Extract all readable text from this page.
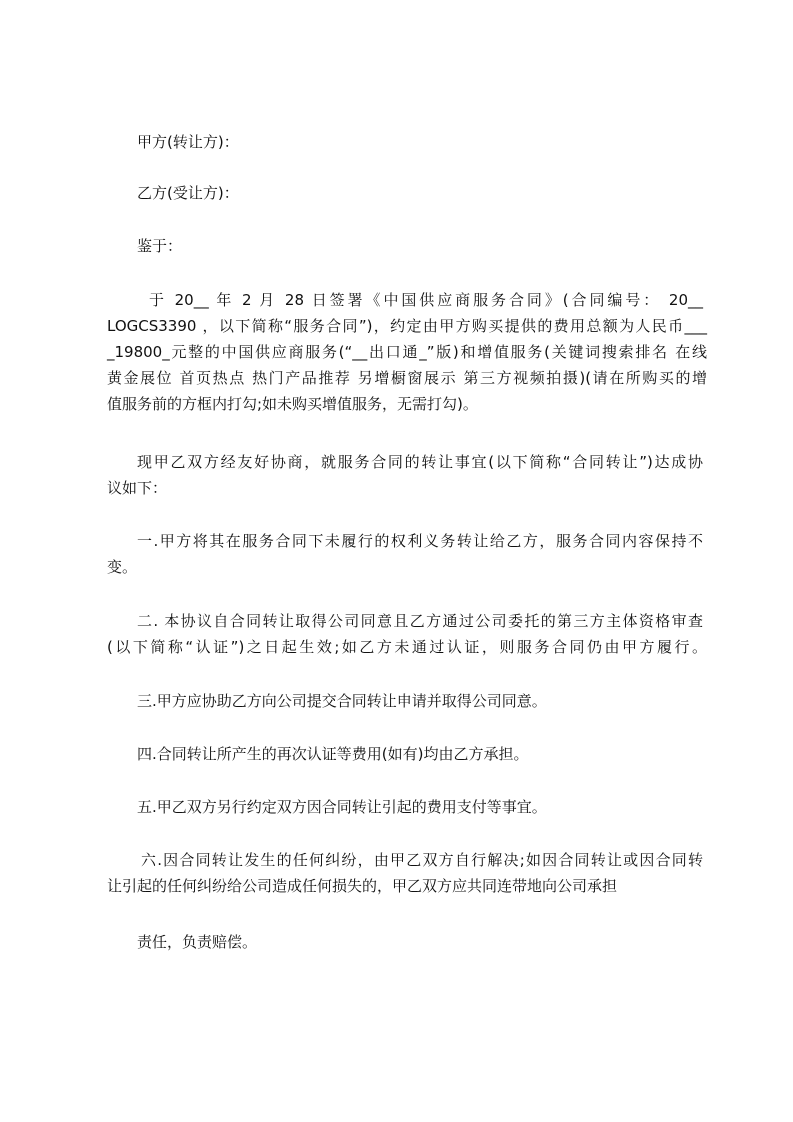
甲方(转让方)：
乙方(受让方)：
鉴于：
于 20__ 年 2 月 28 日签署《中国供应商服务合同》(合同编号： 20__
LOGCS3390 ，以下简称“服务合同”)，约定由甲方购买提供的费用总额为人民币___
_19800_元整的中国供应商服务(“__出口通_”版)和增值服务(关键词搜索排名 在线
黄金展位 首页热点 热门产品推荐 另增橱窗展示 第三方视频拍摄)(请在所购买的增
值服务前的方框内打勾;如未购买增值服务，无需打勾)。
现甲乙双方经友好协商，就服务合同的转让事宜(以下简称“合同转让”)达成协
议如下：
一.甲方将其在服务合同下未履行的权利义务转让给乙方，服务合同内容保持不
变。
二. 本协议自合同转让取得公司同意且乙方通过公司委托的第三方主体资格审查
(以下简称“认证”)之日起生效;如乙方未通过认证，则服务合同仍由甲方履行。
三.甲方应协助乙方向公司提交合同转让申请并取得公司同意。
四.合同转让所产生的再次认证等费用(如有)均由乙方承担。
五.甲乙双方另行约定双方因合同转让引起的费用支付等事宜。
六.因合同转让发生的任何纠纷，由甲乙双方自行解决;如因合同转让或因合同转
让引起的任何纠纷给公司造成任何损失的，甲乙双方应共同连带地向公司承担
责任，负责赔偿。
